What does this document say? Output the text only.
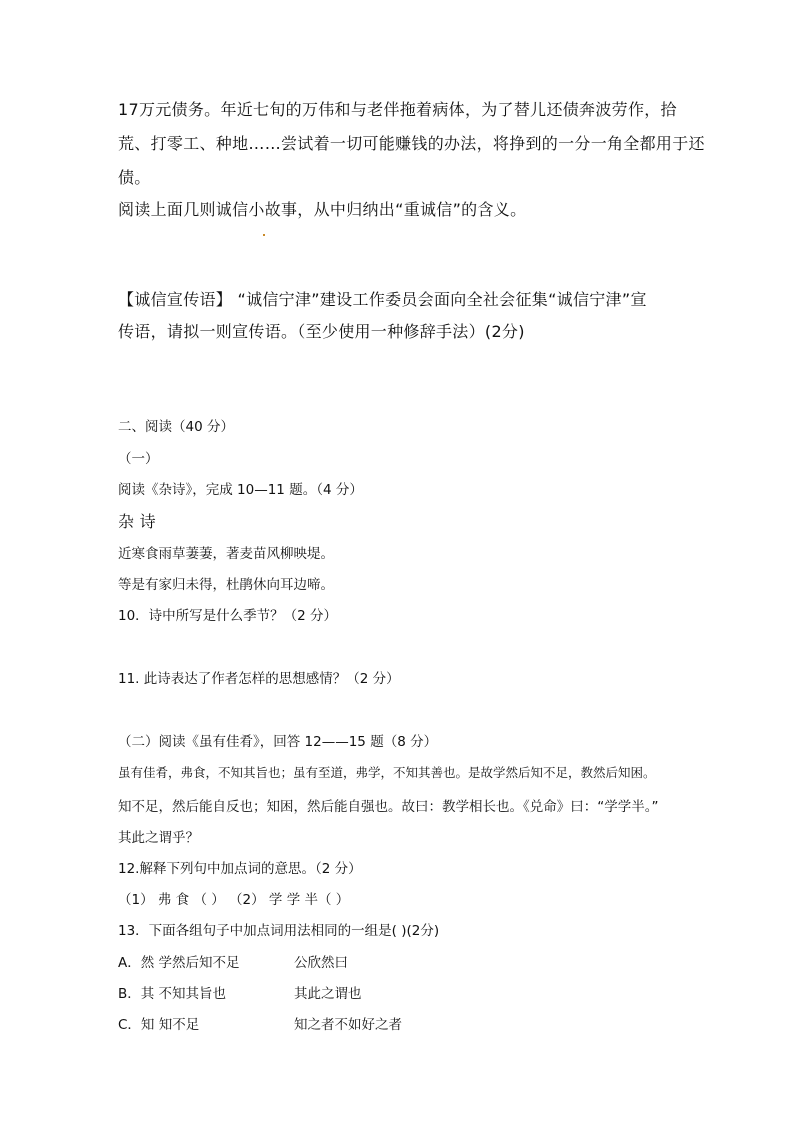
17万元债务。年近七旬的万伟和与老伴拖着病体，为了替儿还债奔波劳作，拾
荒、打零工、种地……尝试着一切可能赚钱的办法，将挣到的一分一角全都用于还
债。
阅读上面几则诚信小故事，从中归纳出“重诚信”的含义。
【诚信宣传语】 “诚信宁津”建设工作委员会面向全社会征集“诚信宁津”宣
传语，请拟一则宣传语。（至少使用一种修辞手法）(2分)
二、阅读（40 分）
（一）
阅读《杂诗》，完成 10—11 题。（4 分）
杂 诗
近寒食雨草萋萋，著麦苗风柳映堤。
等是有家归未得，杜鹃休向耳边啼。
10．诗中所写是什么季节？（2 分）
11. 此诗表达了作者怎样的思想感情？（2 分）
（二）阅读《虽有佳肴》，回答 12——15 题（8 分）
虽有佳肴，弗食，不知其旨也；虽有至道，弗学，不知其善也。是故学然后知不足，教然后知困。
知不足，然后能自反也；知困，然后能自强也。故曰：教学相长也。《兑命》曰：“学学半。”
其此之谓乎？
12.解释下列句中加点词的意思。（2 分）
（1） 弗 食 （ ） （2） 学 学 半（ ）
13．下面各组句子中加点词用法相同的一组是( )(2分)
A．然 学然后知不足	公欣然曰
B．其 不知其旨也	其此之谓也
C．知 知不足	知之者不如好之者
